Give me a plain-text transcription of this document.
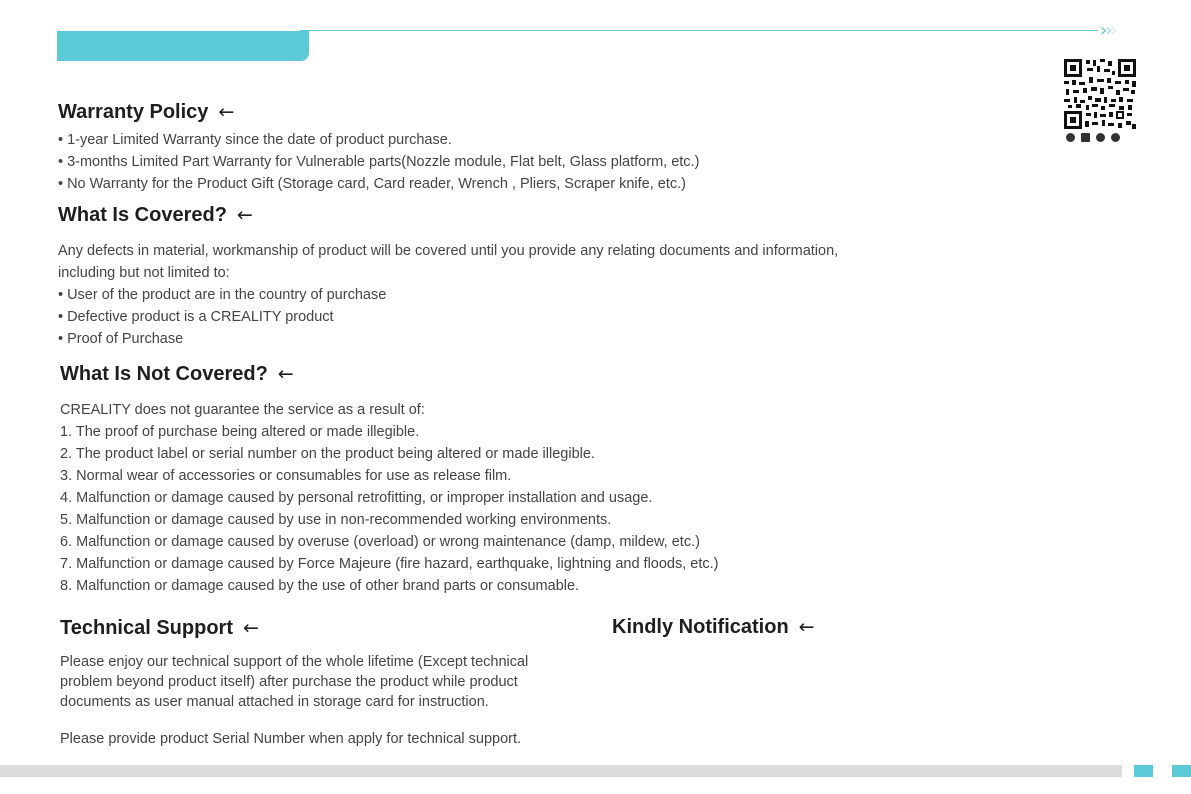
›››
Warranty Policy ←

• 1-year Limited Warranty since the date of product purchase.

• 3-months Limited Part Warranty for Vulnerable parts(Nozzle module, Flat belt, Glass platform, etc.)

• No Warranty for the Product Gift (Storage card, Card reader, Wrench , Pliers, Scraper knife, etc.)

What Is Covered? ←

Any defects in material, workmanship of product will be covered until you provide any relating documents and information,

including but not limited to:

• User of the product are in the country of purchase

• Defective product is a CREALITY product

• Proof of Purchase

What Is Not Covered? ←

CREALITY does not guarantee the service as a result of:

1. The proof of purchase being altered or made illegible.

2. The product label or serial number on the product being altered or made illegible.

3. Normal wear of accessories or consumables for use as release film.

4. Malfunction or damage caused by personal retrofitting, or improper installation and usage.

5. Malfunction or damage caused by use in non-recommended working environments.

6. Malfunction or damage caused by overuse (overload) or wrong maintenance (damp, mildew, etc.)

7. Malfunction or damage caused by Force Majeure (fire hazard, earthquake, lightning and floods, etc.)

8. Malfunction or damage caused by the use of other brand parts or consumable.

Technical Support ←

Please enjoy our technical support of the whole lifetime (Except technical

problem beyond product itself) after purchase the product while product

documents as user manual attached in storage card for instruction.

Please provide product Serial Number when apply for technical support.

Kindly Notification ←
